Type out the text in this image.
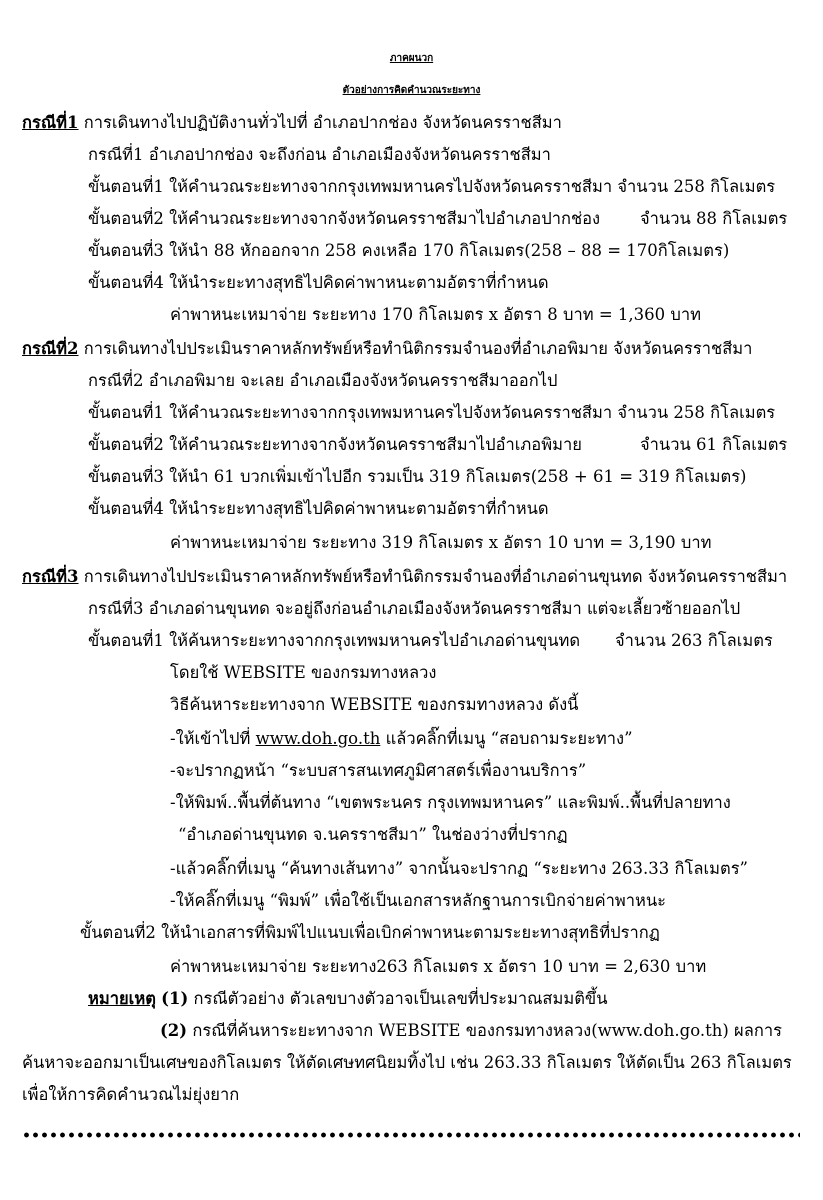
ภาคผนวก
ตัวอย่างการคิดคำนวณระยะทาง
กรณีที่1 การเดินทางไปปฏิบัติงานทั่วไปที่ อำเภอปากช่อง จังหวัดนครราชสีมา
กรณีที่1 อำเภอปากช่อง จะถึงก่อน อำเภอเมืองจังหวัดนครราชสีมา
ขั้นตอนที่1 ให้คำนวณระยะทางจากกรุงเทพมหานครไปจังหวัดนครราชสีมา จำนวน 258 กิโลเมตร
ขั้นตอนที่2 ให้คำนวณระยะทางจากจังหวัดนครราชสีมาไปอำเภอปากช่อง จำนวน 88 กิโลเมตร
ขั้นตอนที่3 ให้นำ 88 หักออกจาก 258 คงเหลือ 170 กิโลเมตร(258 – 88 = 170กิโลเมตร)
ขั้นตอนที่4 ให้นำระยะทางสุทธิไปคิดค่าพาหนะตามอัตราที่กำหนด
ค่าพาหนะเหมาจ่าย ระยะทาง 170 กิโลเมตร x อัตรา 8 บาท = 1,360 บาท
กรณีที่2 การเดินทางไปประเมินราคาหลักทรัพย์หรือทำนิติกรรมจำนองที่อำเภอพิมาย จังหวัดนครราชสีมา
กรณีที่2 อำเภอพิมาย จะเลย อำเภอเมืองจังหวัดนครราชสีมาออกไป
ขั้นตอนที่1 ให้คำนวณระยะทางจากกรุงเทพมหานครไปจังหวัดนครราชสีมา จำนวน 258 กิโลเมตร
ขั้นตอนที่2 ให้คำนวณระยะทางจากจังหวัดนครราชสีมาไปอำเภอพิมาย	จำนวน 61 กิโลเมตร
ขั้นตอนที่3 ให้นำ 61 บวกเพิ่มเข้าไปอีก รวมเป็น 319 กิโลเมตร(258 + 61 = 319 กิโลเมตร)
ขั้นตอนที่4 ให้นำระยะทางสุทธิไปคิดค่าพาหนะตามอัตราที่กำหนด
ค่าพาหนะเหมาจ่าย ระยะทาง 319 กิโลเมตร x อัตรา 10 บาท = 3,190 บาท
กรณีที่3 การเดินทางไปประเมินราคาหลักทรัพย์หรือทำนิติกรรมจำนองที่อำเภอด่านขุนทด จังหวัดนครราชสีมา
กรณีที่3 อำเภอด่านขุนทด จะอยู่ถึงก่อนอำเภอเมืองจังหวัดนครราชสีมา แต่จะเลี้ยวซ้ายออกไป
ขั้นตอนที่1 ให้ค้นหาระยะทางจากกรุงเทพมหานครไปอำเภอด่านขุนทด จำนวน 263 กิโลเมตร
โดยใช้ WEBSITE ของกรมทางหลวง
วิธีค้นหาระยะทางจาก WEBSITE ของกรมทางหลวง ดังนี้
-ให้เข้าไปที่ www.doh.go.th แล้วคลิ๊กที่เมนู “สอบถามระยะทาง”
-จะปรากฏหน้า “ระบบสารสนเทศภูมิศาสตร์เพื่องานบริการ”
-ให้พิมพ์..พื้นที่ต้นทาง “เขตพระนคร กรุงเทพมหานคร” และพิมพ์..พื้นที่ปลายทาง
“อำเภอด่านขุนทด จ.นครราชสีมา” ในช่องว่างที่ปรากฏ
-แล้วคลิ๊กที่เมนู “ค้นทางเส้นทาง” จากนั้นจะปรากฏ “ระยะทาง 263.33 กิโลเมตร”
-ให้คลิ๊กที่เมนู “พิมพ์” เพื่อใช้เป็นเอกสารหลักฐานการเบิกจ่ายค่าพาหนะ
ขั้นตอนที่2 ให้นำเอกสารที่พิมพ์ไปแนบเพื่อเบิกค่าพาหนะตามระยะทางสุทธิที่ปรากฏ
ค่าพาหนะเหมาจ่าย ระยะทาง263 กิโลเมตร x อัตรา 10 บาท = 2,630 บาท
หมายเหตุ (1) กรณีตัวอย่าง ตัวเลขบางตัวอาจเป็นเลขที่ประมาณสมมติขึ้น
(2) กรณีที่ค้นหาระยะทางจาก WEBSITE ของกรมทางหลวง(www.doh.go.th) ผลการ
ค้นหาจะออกมาเป็นเศษของกิโลเมตร ให้ตัดเศษทศนิยมทิ้งไป เช่น 263.33 กิโลเมตร ให้ตัดเป็น 263 กิโลเมตร
เพื่อให้การคิดคำนวณไม่ยุ่งยาก
